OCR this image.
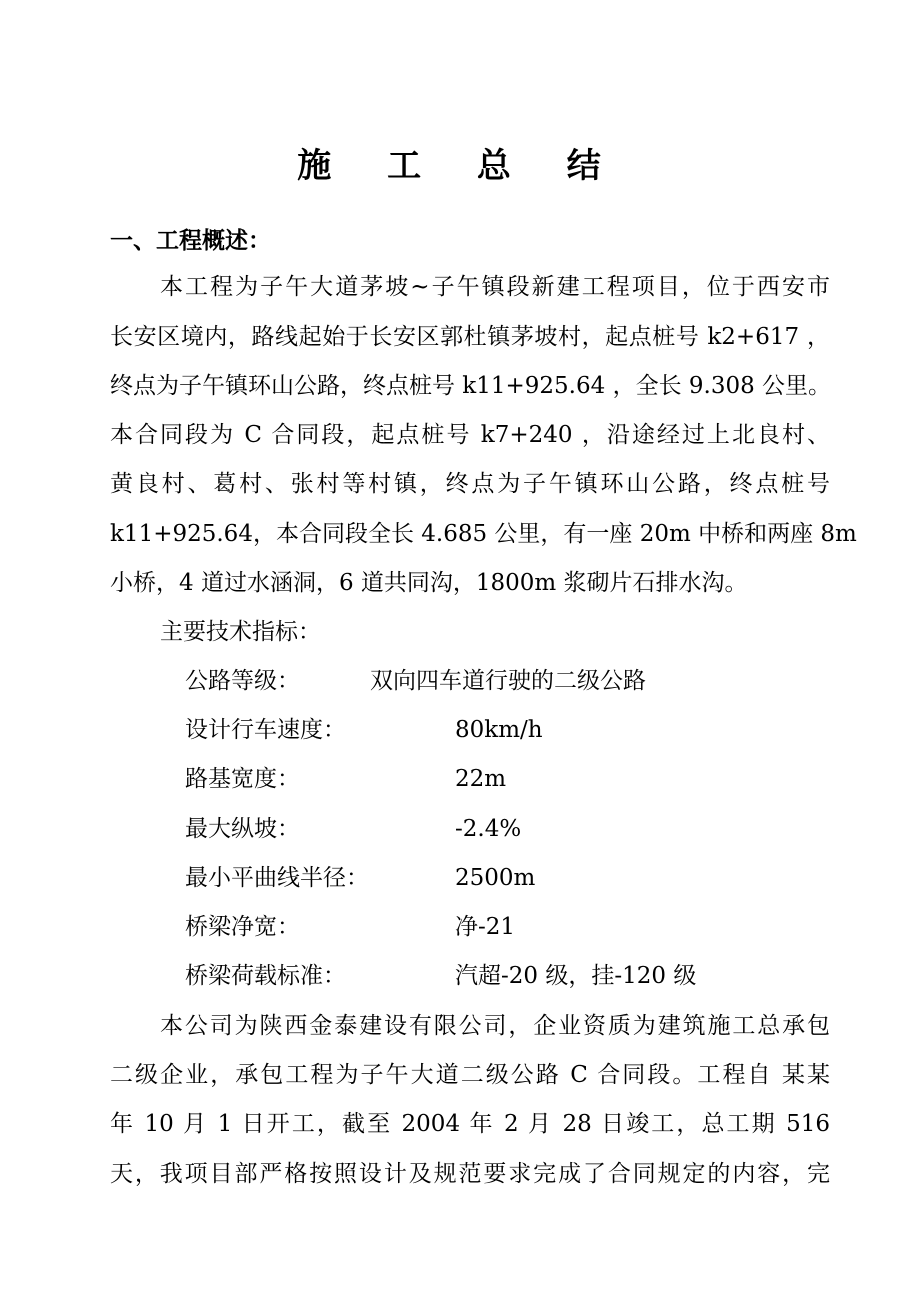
施 工 总 结
一、工程概述：
本工程为子午大道茅坡~子午镇段新建工程项目，位于西安市
长安区境内，路线起始于长安区郭杜镇茅坡村，起点桩号 k2+617 ，
终点为子午镇环山公路，终点桩号 k11+925.64 ，全长 9.308 公里。
本合同段为 C 合同段，起点桩号 k7+240 ，沿途经过上北良村、
黄良村、葛村、张村等村镇，终点为子午镇环山公路，终点桩号
k11+925.64，本合同段全长 4.685 公里，有一座 20m 中桥和两座 8m
小桥，4 道过水涵洞，6 道共同沟，1800m 浆砌片石排水沟。
主要技术指标：
公路等级：	双向四车道行驶的二级公路
设计行车速度：	80km/h
路基宽度：	22m
最大纵坡：	-2.4%
最小平曲线半径：	2500m
桥梁净宽：	净-21
桥梁荷载标准：	汽超-20 级，挂-120 级
本公司为陕西金泰建设有限公司，企业资质为建筑施工总承包
二级企业，承包工程为子午大道二级公路 C 合同段。工程自 某某
年 10 月 1 日开工，截至 2004 年 2 月 28 日竣工，总工期 516
天，我项目部严格按照设计及规范要求完成了合同规定的内容，完
